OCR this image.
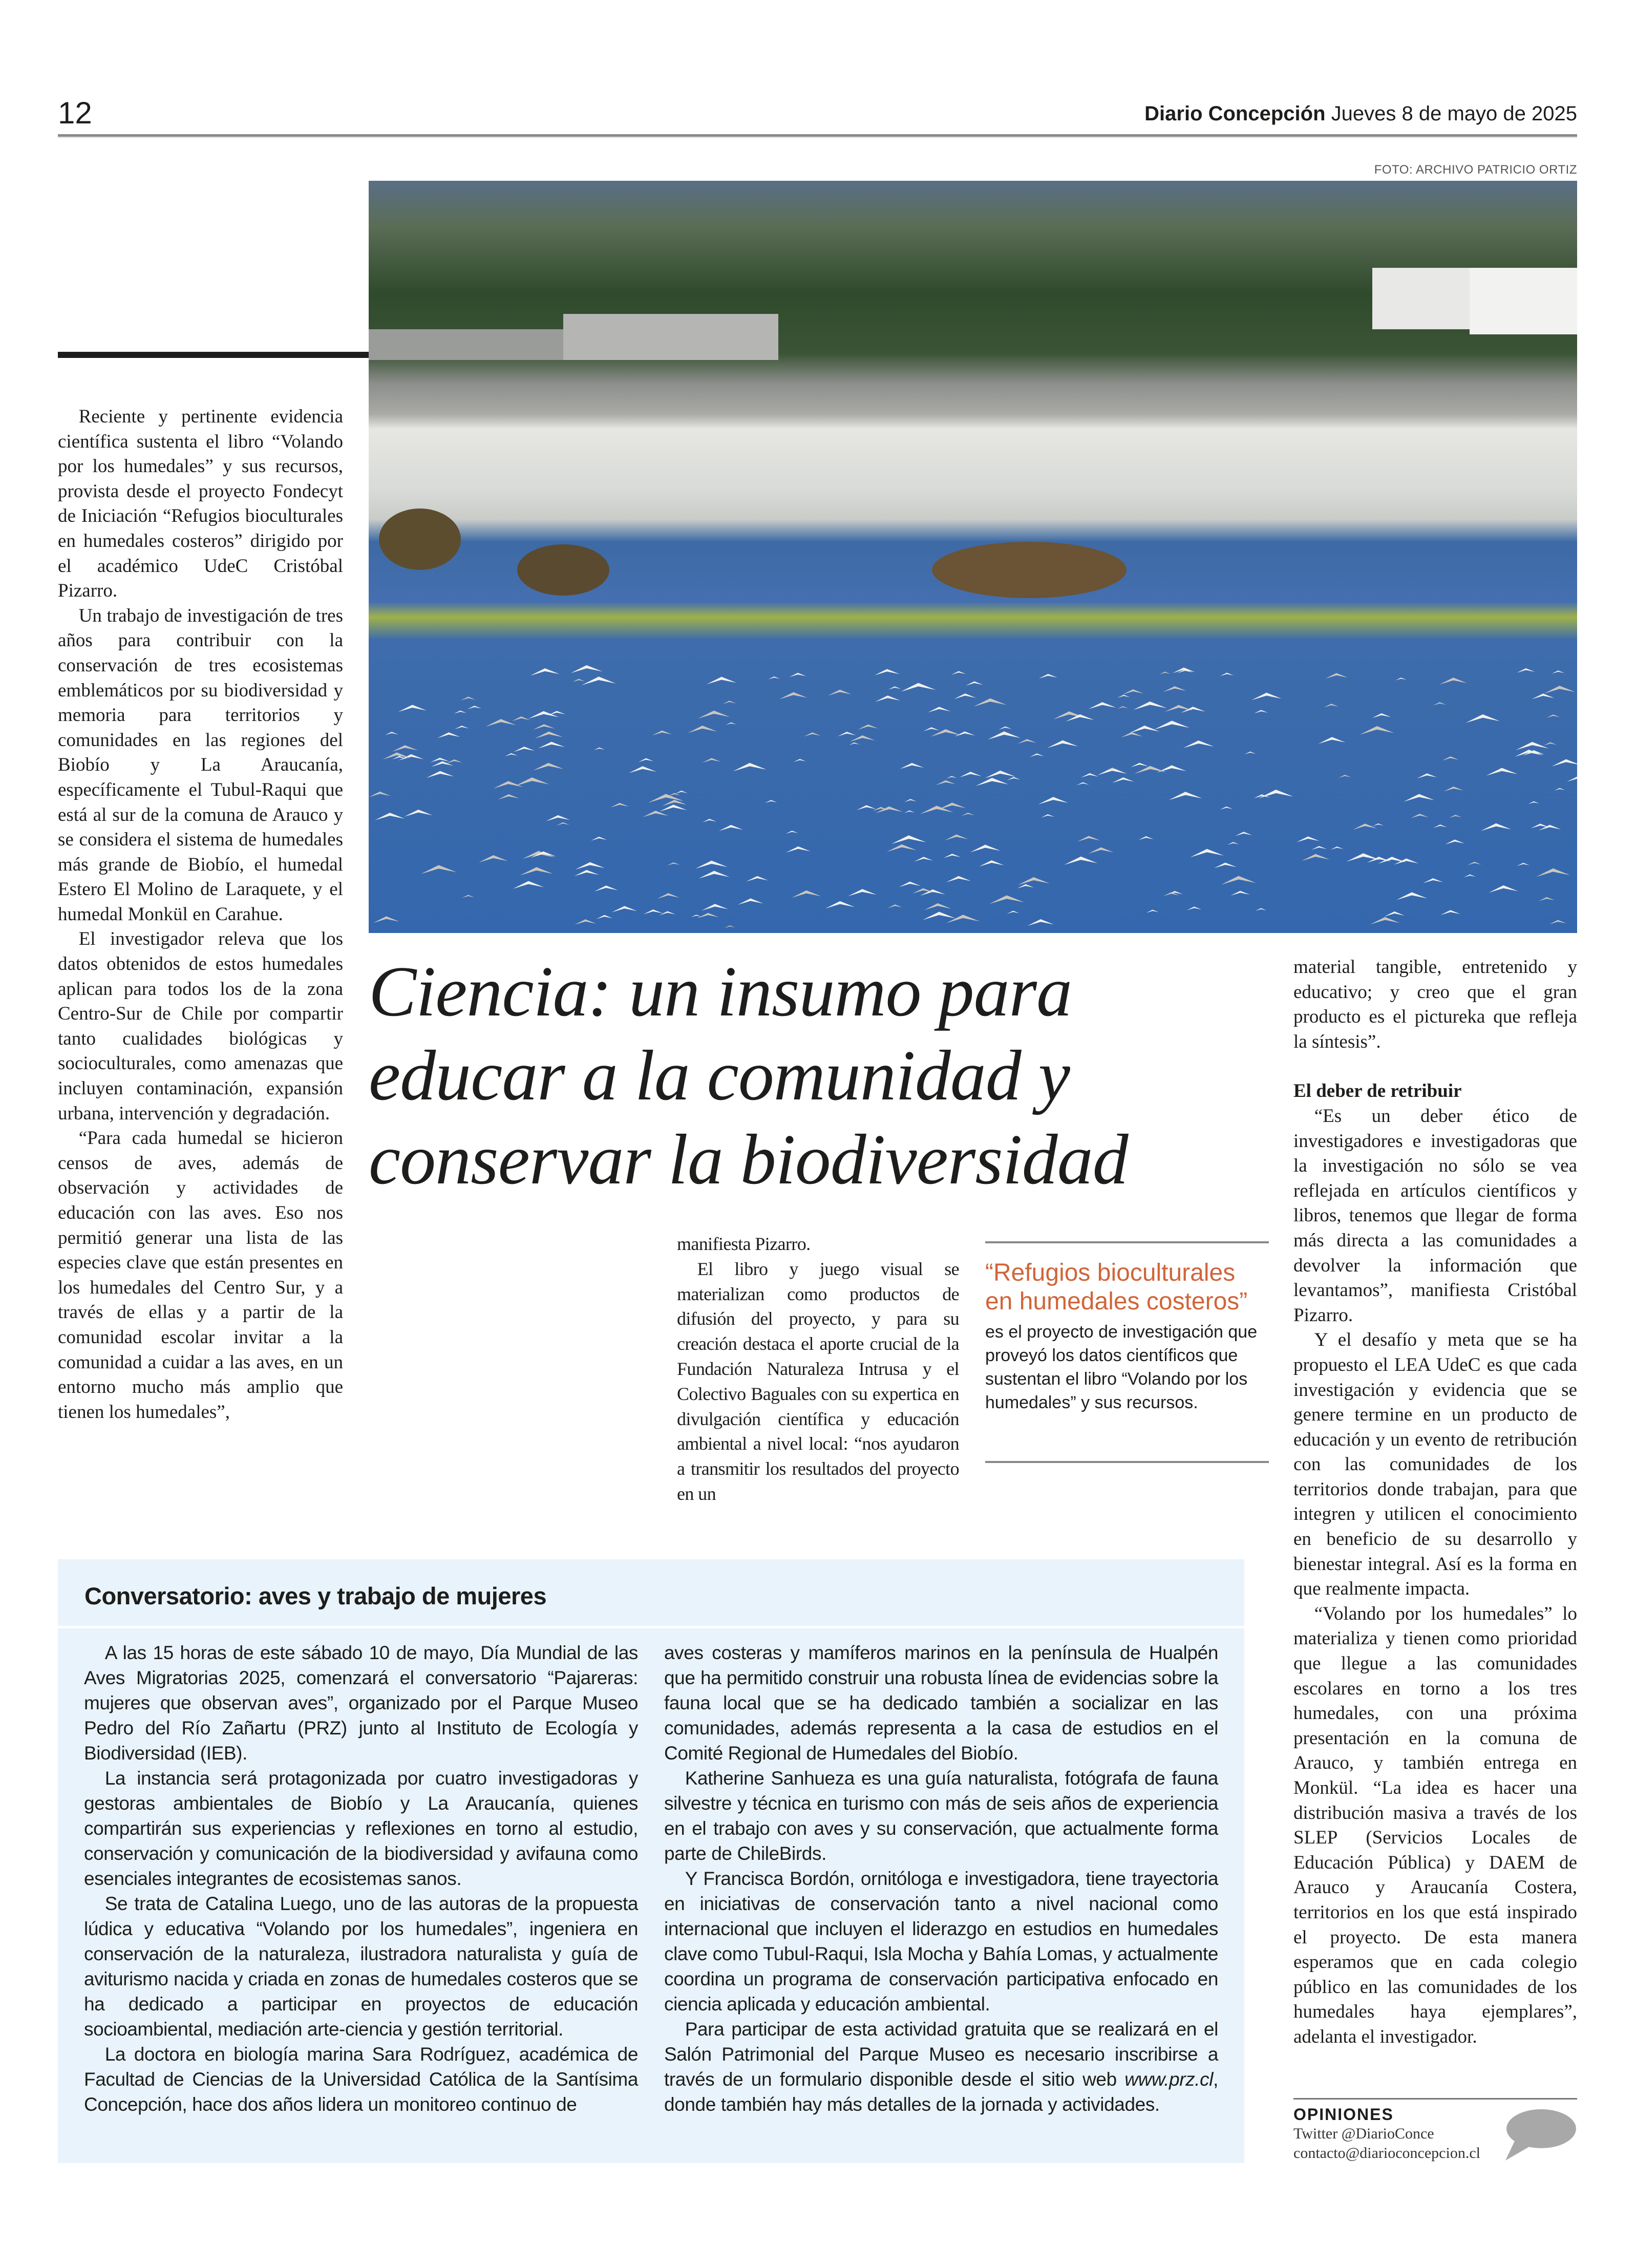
12	Diario Concepción Jueves 8 de mayo de 2025
FOTO: ARCHIVO PATRICIO ORTIZ

Reciente y pertinente evidencia científica sustenta el libro “Volando por los humedales” y sus recursos, provista desde el proyecto Fondecyt de Iniciación “Refugios bioculturales en humedales costeros” dirigido por el académico UdeC Cristóbal Pizarro.

Un trabajo de investigación de tres años para contribuir con la conservación de tres ecosistemas emblemáticos por su biodiversidad y memoria para territorios y comunidades en las regiones del Biobío y La Araucanía, específicamente el Tubul-Raqui que está al sur de la comuna de Arauco y se considera el sistema de humedales más grande de Biobío, el humedal Estero El Molino de Laraquete, y el humedal Monkül en Carahue.

El investigador releva que los datos obtenidos de estos humedales aplican para todos los de la zona Centro-Sur de Chile por compartir tanto cualidades biológicas y socioculturales, como amenazas que incluyen contaminación, expansión urbana, intervención y degradación.

“Para cada humedal se hicieron censos de aves, además de observación y actividades de educación con las aves. Eso nos permitió generar una lista de las especies clave que están presentes en los humedales del Centro Sur, y a través de ellas y a partir de la comunidad escolar invitar a la comunidad a cuidar a las aves, en un entorno mucho más amplio que tienen los humedales”,

Ciencia: un insumo para educar a la comunidad y conservar la biodiversidad

manifiesta Pizarro.

El libro y juego visual se materializan como productos de difusión del proyecto, y para su creación destaca el aporte crucial de la Fundación Naturaleza Intrusa y el Colectivo Baguales con su expertica en divulgación científica y educación ambiental a nivel local: “nos ayudaron a transmitir los resultados del proyecto en un

“Refugios bioculturales en humedales costeros”
es el proyecto de investigación que proveyó los datos científicos que sustentan el libro “Volando por los humedales” y sus recursos.

material tangible, entretenido y educativo; y creo que el gran producto es el pictureka que refleja la síntesis”.

El deber de retribuir

“Es un deber ético de investigadores e investigadoras que la investigación no sólo se vea reflejada en artículos científicos y libros, tenemos que llegar de forma más directa a las comunidades a devolver la información que levantamos”, manifiesta Cristóbal Pizarro.

Y el desafío y meta que se ha propuesto el LEA UdeC es que cada investigación y evidencia que se genere termine en un producto de educación y un evento de retribución con las comunidades de los territorios donde trabajan, para que integren y utilicen el conocimiento en beneficio de su desarrollo y bienestar integral. Así es la forma en que realmente impacta.

“Volando por los humedales” lo materializa y tienen como prioridad que llegue a las comunidades escolares en torno a los tres humedales, con una próxima presentación en la comuna de Arauco, y también entrega en Monkül. “La idea es hacer una distribución masiva a través de los SLEP (Servicios Locales de Educación Pública) y DAEM de Arauco y Araucanía Costera, territorios en los que está inspirado el proyecto. De esta manera esperamos que en cada colegio público en las comunidades de los humedales haya ejemplares”, adelanta el investigador.

OPINIONES
Twitter @DiarioConce
contacto@diarioconcepcion.cl
Conversatorio: aves y trabajo de mujeres

A las 15 horas de este sábado 10 de mayo, Día Mundial de las Aves Migratorias 2025, comenzará el conversatorio “Pajareras: mujeres que observan aves”, organizado por el Parque Museo Pedro del Río Zañartu (PRZ) junto al Instituto de Ecología y Biodiversidad (IEB).

La instancia será protagonizada por cuatro investigadoras y gestoras ambientales de Biobío y La Araucanía, quienes compartirán sus experiencias y reflexiones en torno al estudio, conservación y comunicación de la biodiversidad y avifauna como esenciales integrantes de ecosistemas sanos.

Se trata de Catalina Luego, uno de las autoras de la propuesta lúdica y educativa “Volando por los humedales”, ingeniera en conservación de la naturaleza, ilustradora naturalista y guía de aviturismo nacida y criada en zonas de humedales costeros que se ha dedicado a participar en proyectos de educación socioambiental, mediación arte-ciencia y gestión territorial.

La doctora en biología marina Sara Rodríguez, académica de Facultad de Ciencias de la Universidad Católica de la Santísima Concepción, hace dos años lidera un monitoreo continuo de

aves costeras y mamíferos marinos en la península de Hualpén que ha permitido construir una robusta línea de evidencias sobre la fauna local que se ha dedicado también a socializar en las comunidades, además representa a la casa de estudios en el Comité Regional de Humedales del Biobío.

Katherine Sanhueza es una guía naturalista, fotógrafa de fauna silvestre y técnica en turismo con más de seis años de experiencia en el trabajo con aves y su conservación, que actualmente forma parte de ChileBirds.

Y Francisca Bordón, ornitóloga e investigadora, tiene trayectoria en iniciativas de conservación tanto a nivel nacional como internacional que incluyen el liderazgo en estudios en humedales clave como Tubul-Raqui, Isla Mocha y Bahía Lomas, y actualmente coordina un programa de conservación participativa enfocado en ciencia aplicada y educación ambiental.

Para participar de esta actividad gratuita que se realizará en el Salón Patrimonial del Parque Museo es necesario inscribirse a través de un formulario disponible desde el sitio web www.prz.cl, donde también hay más detalles de la jornada y actividades.
